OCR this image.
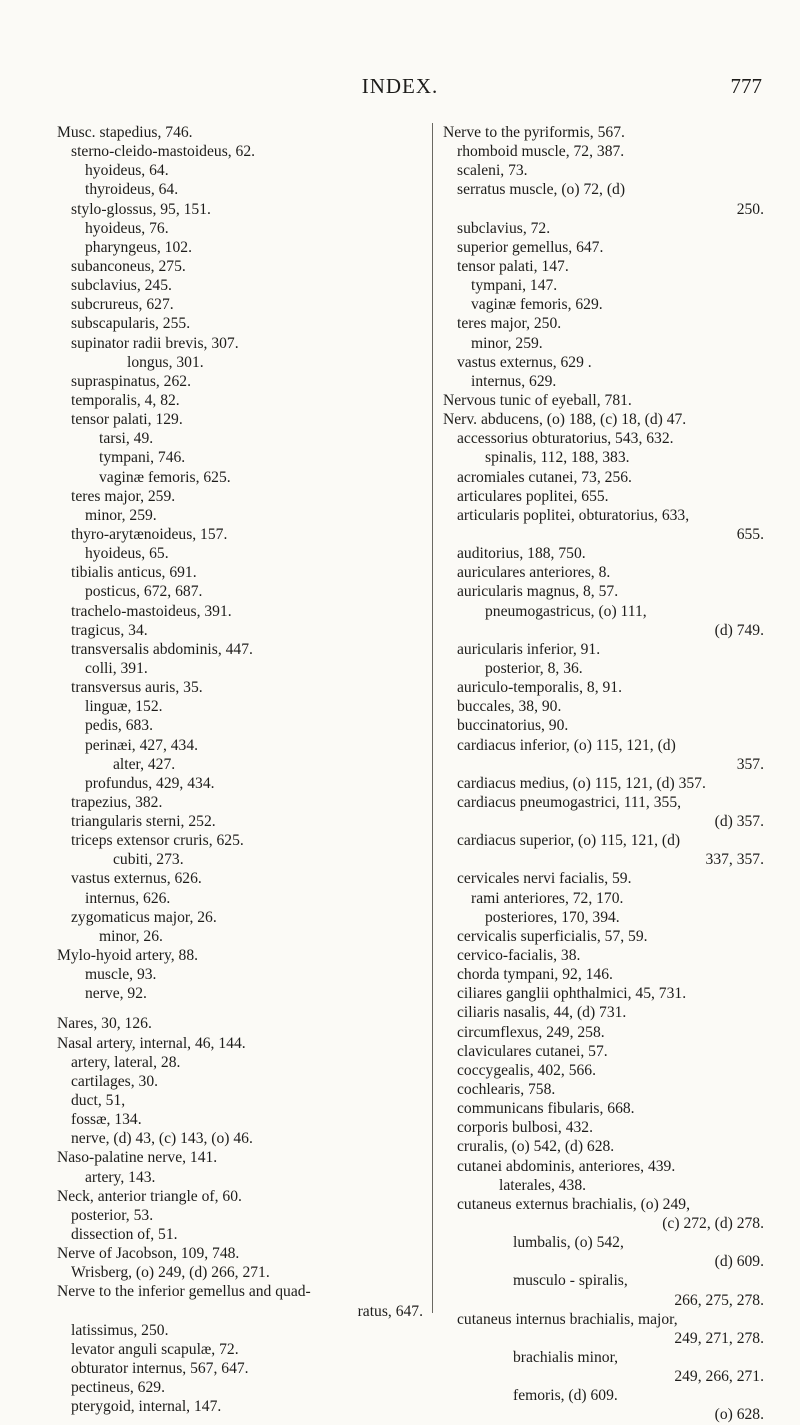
INDEX.	777
Musc. stapedius, 746.
sterno-cleido-mastoideus, 62.
hyoideus, 64.
thyroideus, 64.
stylo-glossus, 95, 151.
hyoideus, 76.
pharyngeus, 102.
subanconeus, 275.
subclavius, 245.
subcrureus, 627.
subscapularis, 255.
supinator radii brevis, 307.
longus, 301.
supraspinatus, 262.
temporalis, 4, 82.
tensor palati, 129.
tarsi, 49.
tympani, 746.
vaginæ femoris, 625.
teres major, 259.
minor, 259.
thyro-arytænoideus, 157.
hyoideus, 65.
tibialis anticus, 691.
posticus, 672, 687.
trachelo-mastoideus, 391.
tragicus, 34.
transversalis abdominis, 447.
colli, 391.
transversus auris, 35.
linguæ, 152.
pedis, 683.
perinæi, 427, 434.
alter, 427.
profundus, 429, 434.
trapezius, 382.
triangularis sterni, 252.
triceps extensor cruris, 625.
cubiti, 273.
vastus externus, 626.
internus, 626.
zygomaticus major, 26.
minor, 26.
Mylo-hyoid artery, 88.
muscle, 93.
nerve, 92.
Nares, 30, 126.
Nasal artery, internal, 46, 144.
artery, lateral, 28.
cartilages, 30.
duct, 51,
fossæ, 134.
nerve, (d) 43, (c) 143, (o) 46.
Naso-palatine nerve, 141.
artery, 143.
Neck, anterior triangle of, 60.
posterior, 53.
dissection of, 51.
Nerve of Jacobson, 109, 748.
Wrisberg, (o) 249, (d) 266, 271.
Nerve to the inferior gemellus and quad-
ratus, 647.
latissimus, 250.
levator anguli scapulæ, 72.
obturator internus, 567, 647.
pectineus, 629.
pterygoid, internal, 147.
Nerve to the pyriformis, 567.
rhomboid muscle, 72, 387.
scaleni, 73.
serratus muscle, (o) 72, (d)
250.
subclavius, 72.
superior gemellus, 647.
tensor palati, 147.
tympani, 147.
vaginæ femoris, 629.
teres major, 250.
minor, 259.
vastus externus, 629 .
internus, 629.
Nervous tunic of eyeball, 781.
Nerv. abducens, (o) 188, (c) 18, (d) 47.
accessorius obturatorius, 543, 632.
spinalis, 112, 188, 383.
acromiales cutanei, 73, 256.
articulares poplitei, 655.
articularis poplitei, obturatorius, 633,
655.
auditorius, 188, 750.
auriculares anteriores, 8.
auricularis magnus, 8, 57.
pneumogastricus, (o) 111,
(d) 749.
auricularis inferior, 91.
posterior, 8, 36.
auriculo-temporalis, 8, 91.
buccales, 38, 90.
buccinatorius, 90.
cardiacus inferior, (o) 115, 121, (d)
357.
cardiacus medius, (o) 115, 121, (d) 357.
cardiacus pneumogastrici, 111, 355,
(d) 357.
cardiacus superior, (o) 115, 121, (d)
337, 357.
cervicales nervi facialis, 59.
rami anteriores, 72, 170.
posteriores, 170, 394.
cervicalis superficialis, 57, 59.
cervico-facialis, 38.
chorda tympani, 92, 146.
ciliares ganglii ophthalmici, 45, 731.
ciliaris nasalis, 44, (d) 731.
circumflexus, 249, 258.
claviculares cutanei, 57.
coccygealis, 402, 566.
cochlearis, 758.
communicans fibularis, 668.
corporis bulbosi, 432.
cruralis, (o) 542, (d) 628.
cutanei abdominis, anteriores, 439.
laterales, 438.
cutaneus externus brachialis, (o) 249,
(c) 272, (d) 278.
lumbalis, (o) 542,
(d) 609.
musculo - spiralis,
266, 275, 278.
cutaneus internus brachialis, major,
249, 271, 278.
brachialis minor,
249, 266, 271.
femoris, (d) 609.
(o) 628.
